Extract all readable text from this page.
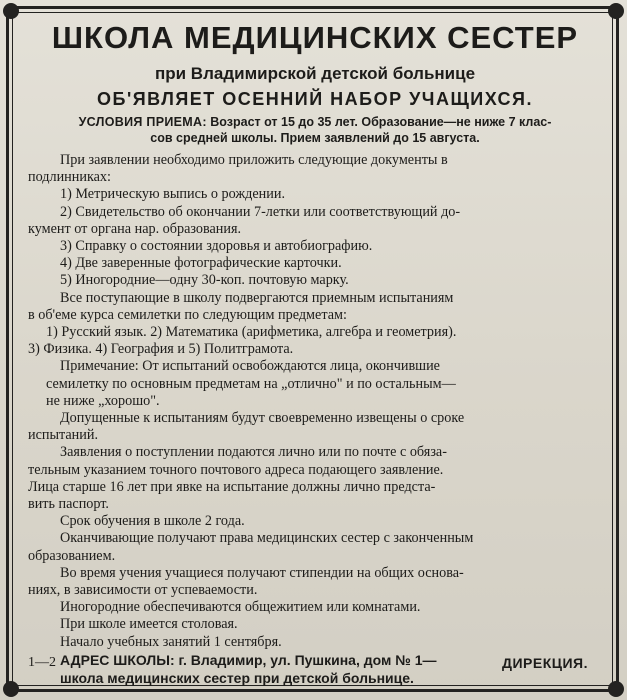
ШКОЛА МЕДИЦИНСКИХ СЕСТЕР

при Владимирской детской больнице

ОБ'ЯВЛЯЕТ ОСЕННИЙ НАБОР УЧАЩИХСЯ.

УСЛОВИЯ ПРИЕМА: Возраст от 15 до 35 лет. Образование—не ниже 7 клас-
сов средней школы. Прием заявлений до 15 августа.

При заявлении необходимо приложить следующие документы в

подлинниках:

1) Метрическую выпись о рождении.

2) Свидетельство об окончании 7-летки или соответствующий до-

кумент от органа нар. образования.

3) Справку о состоянии здоровья и автобиографию.

4) Две заверенные фотографические карточки.

5) Иногородние—одну 30-коп. почтовую марку.

Все поступающие в школу подвергаются приемным испытаниям

в об'еме курса семилетки по следующим предметам:

1) Русский язык. 2) Математика (арифметика, алгебра и геометрия).

3) Физика. 4) География и 5) Политграмота.

Примечание: От испытаний освобождаются лица, окончившие

семилетку по основным предметам на „отлично" и по остальным—

не ниже „хорошо".

Допущенные к испытаниям будут своевременно извещены о сроке

испытаний.

Заявления о поступлении подаются лично или по почте с обяза-

тельным указанием точного почтового адреса подающего заявление.

Лица старше 16 лет при явке на испытание должны лично предста-

вить паспорт.

Срок обучения в школе 2 года.

Оканчивающие получают права медицинских сестер с законченным

образованием.

Во время учения учащиеся получают стипендии на общих основа-

ниях, в зависимости от успеваемости.

Иногородние обеспечиваются общежитием или комнатами.

При школе имеется столовая.

Начало учебных занятий 1 сентября.

АДРЕС ШКОЛЫ: г. Владимир, ул. Пушкина, дом № 1—

школа медицинских сестер при детской больнице.

1—2	ДИРЕКЦИЯ.
